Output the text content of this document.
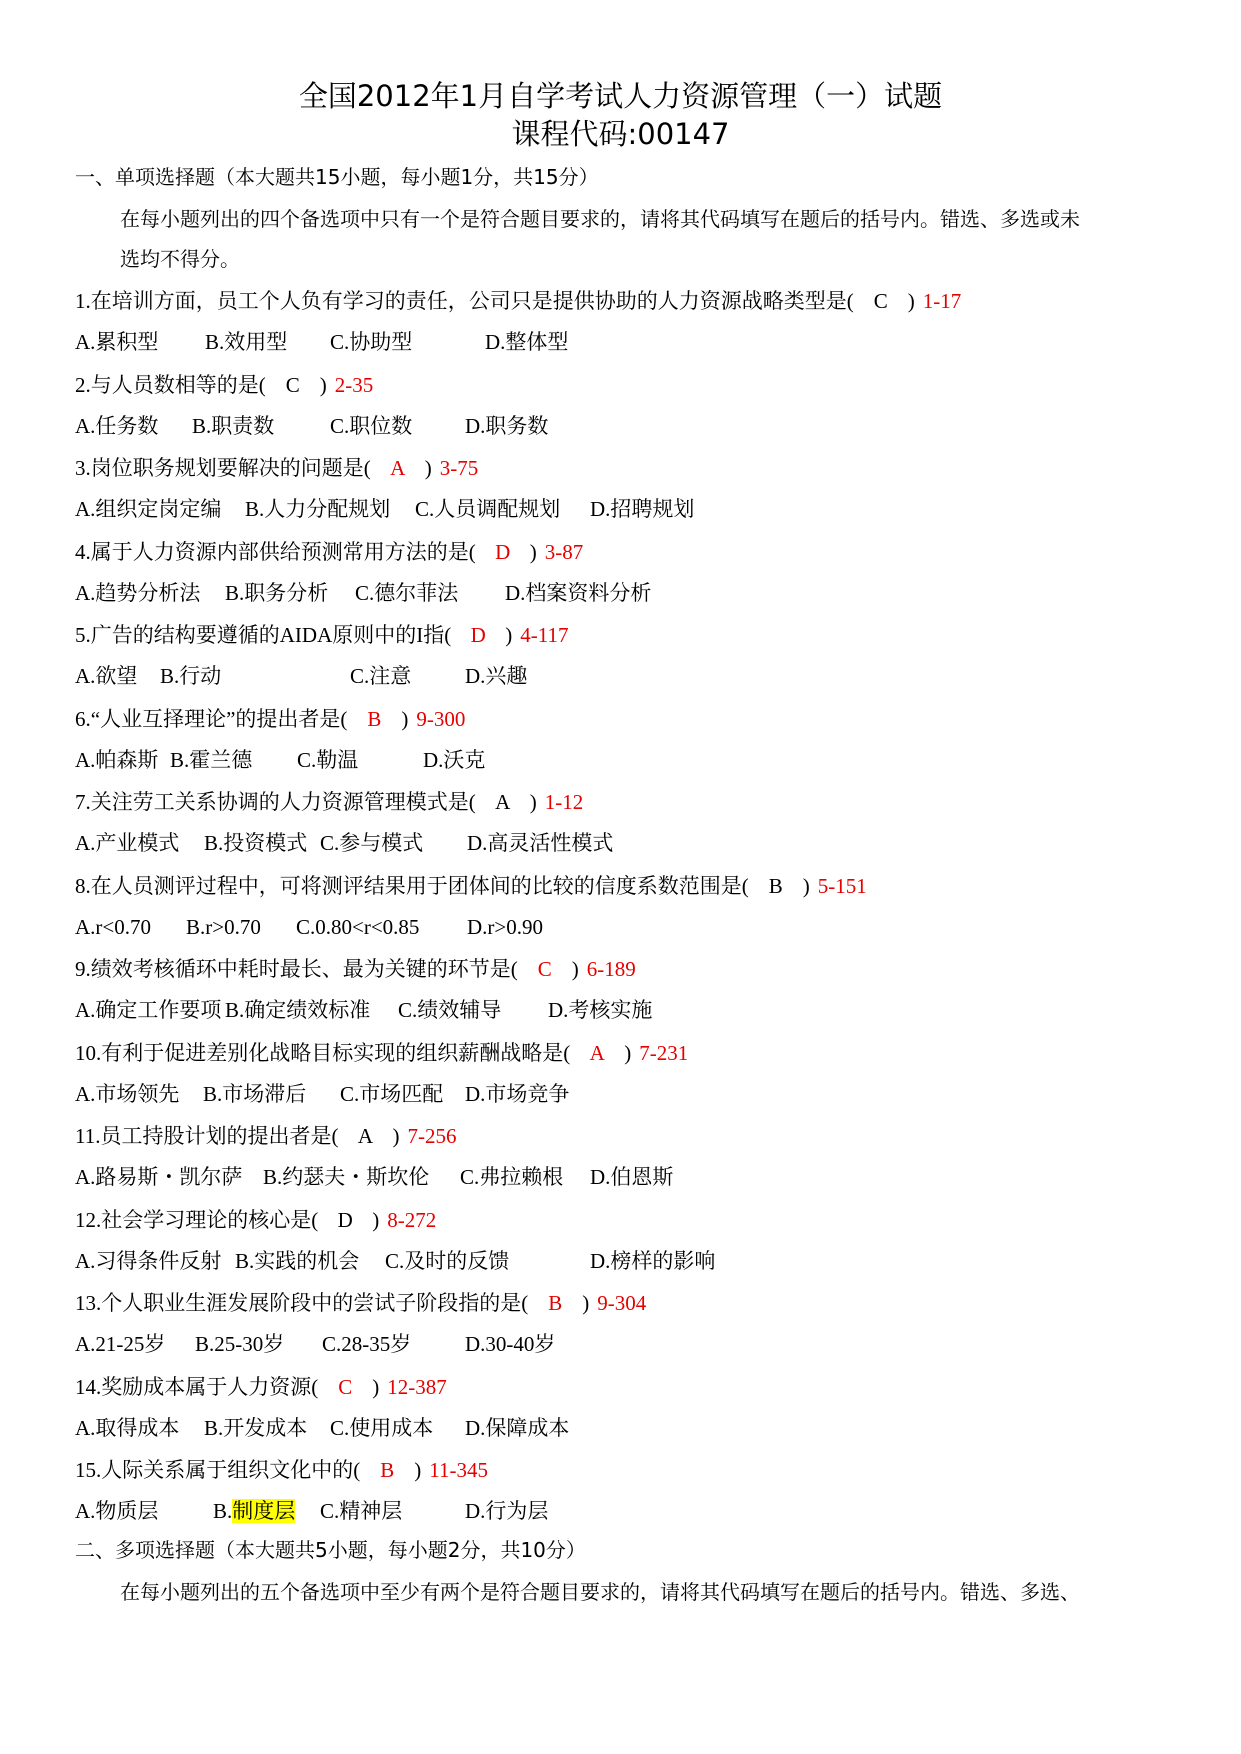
全国2012年1月自学考试人力资源管理（一）试题
课程代码:00147
一、单项选择题（本大题共15小题，每小题1分，共15分）
在每小题列出的四个备选项中只有一个是符合题目要求的，请将其代码填写在题后的括号内。错选、多选或未
选均不得分。
1.在培训方面，员工个人负有学习的责任，公司只是提供协助的人力资源战略类型是( C ) 1-17
A.累积型 B.效用型 C.协助型	D.整体型
2.与人员数相等的是( C ) 2-35
A.任务数 B.职责数	C.职位数	D.职务数
3.岗位职务规划要解决的问题是( A ) 3-75
A.组织定岗定编 B.人力分配规划 C.人员调配规划 D.招聘规划
4.属于人力资源内部供给预测常用方法的是( D ) 3-87
A.趋势分析法 B.职务分析 C.德尔菲法 D.档案资料分析
5.广告的结构要遵循的AIDA原则中的I指( D ) 4-117
A.欲望 B.行动	C.注意	D.兴趣
6.“人业互择理论”的提出者是( B ) 9-300
A.帕森斯 B.霍兰德 C.勒温	D.沃克
7.关注劳工关系协调的人力资源管理模式是( A ) 1-12
A.产业模式 B.投资模式 C.参与模式 D.高灵活性模式
8.在人员测评过程中，可将测评结果用于团体间的比较的信度系数范围是( B ) 5-151
A.r<0.70 B.r>0.70 C.0.80<r<0.85 D.r>0.90
9.绩效考核循环中耗时最长、最为关键的环节是( C ) 6-189
A.确定工作要项 B.确定绩效标准 C.绩效辅导 D.考核实施
10.有利于促进差别化战略目标实现的组织薪酬战略是( A ) 7-231
A.市场领先 B.市场滞后 C.市场匹配 D.市场竞争
11.员工持股计划的提出者是( A ) 7-256
A.路易斯・凯尔萨 B.约瑟夫・斯坎伦 C.弗拉赖根 D.伯恩斯
12.社会学习理论的核心是( D ) 8-272
A.习得条件反射 B.实践的机会 C.及时的反馈	D.榜样的影响
13.个人职业生涯发展阶段中的尝试子阶段指的是( B ) 9-304
A.21-25岁 B.25-30岁 C.28-35岁	D.30-40岁
14.奖励成本属于人力资源( C ) 12-387
A.取得成本 B.开发成本 C.使用成本 D.保障成本
15.人际关系属于组织文化中的( B ) 11-345
A.物质层	B.制度层 C.精神层	D.行为层
二、多项选择题（本大题共5小题，每小题2分，共10分）
在每小题列出的五个备选项中至少有两个是符合题目要求的，请将其代码填写在题后的括号内。错选、多选、
